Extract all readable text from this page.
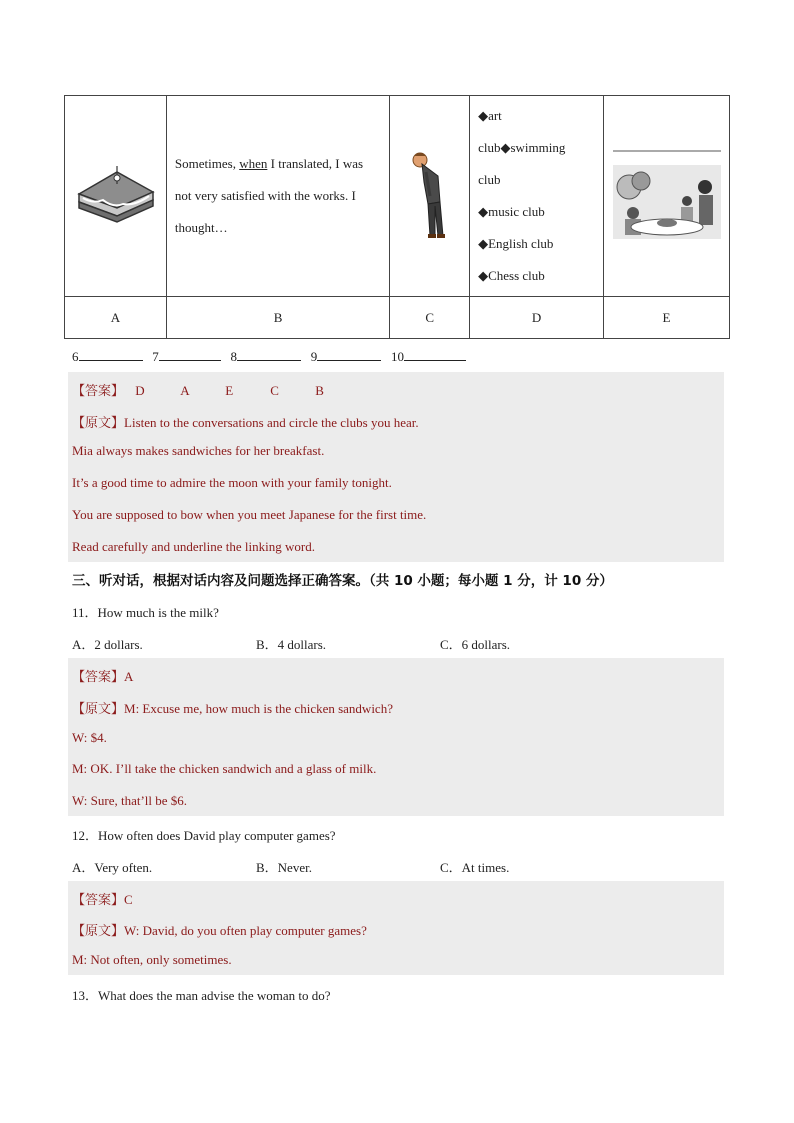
Sometimes, when I translated, I was not very satisfied with the works. I thought…		◆art club◆swimming club
◆music club
◆English club
◆Chess club

A	B	C	D	E
6	7	8	9	10
【答案】 D	A	E	C	B
【原文】Listen to the conversations and circle the clubs you hear.
Mia always makes sandwiches for her breakfast.
It’s a good time to admire the moon with your family tonight.
You are supposed to bow when you meet Japanese for the first time.
Read carefully and underline the linking word.
三、听对话，根据对话内容及问题选择正确答案。（共 10 小题；每小题 1 分，计 10 分）
11．How much is the milk?
A．2 dollars.	B．4 dollars.	C．6 dollars.
【答案】A
【原文】M: Excuse me, how much is the chicken sandwich?
W: $4.
M: OK. I’ll take the chicken sandwich and a glass of milk.
W: Sure, that’ll be $6.
12．How often does David play computer games?
A．Very often.	B．Never.	C．At times.
【答案】C
【原文】W: David, do you often play computer games?
M: Not often, only sometimes.
13．What does the man advise the woman to do?
